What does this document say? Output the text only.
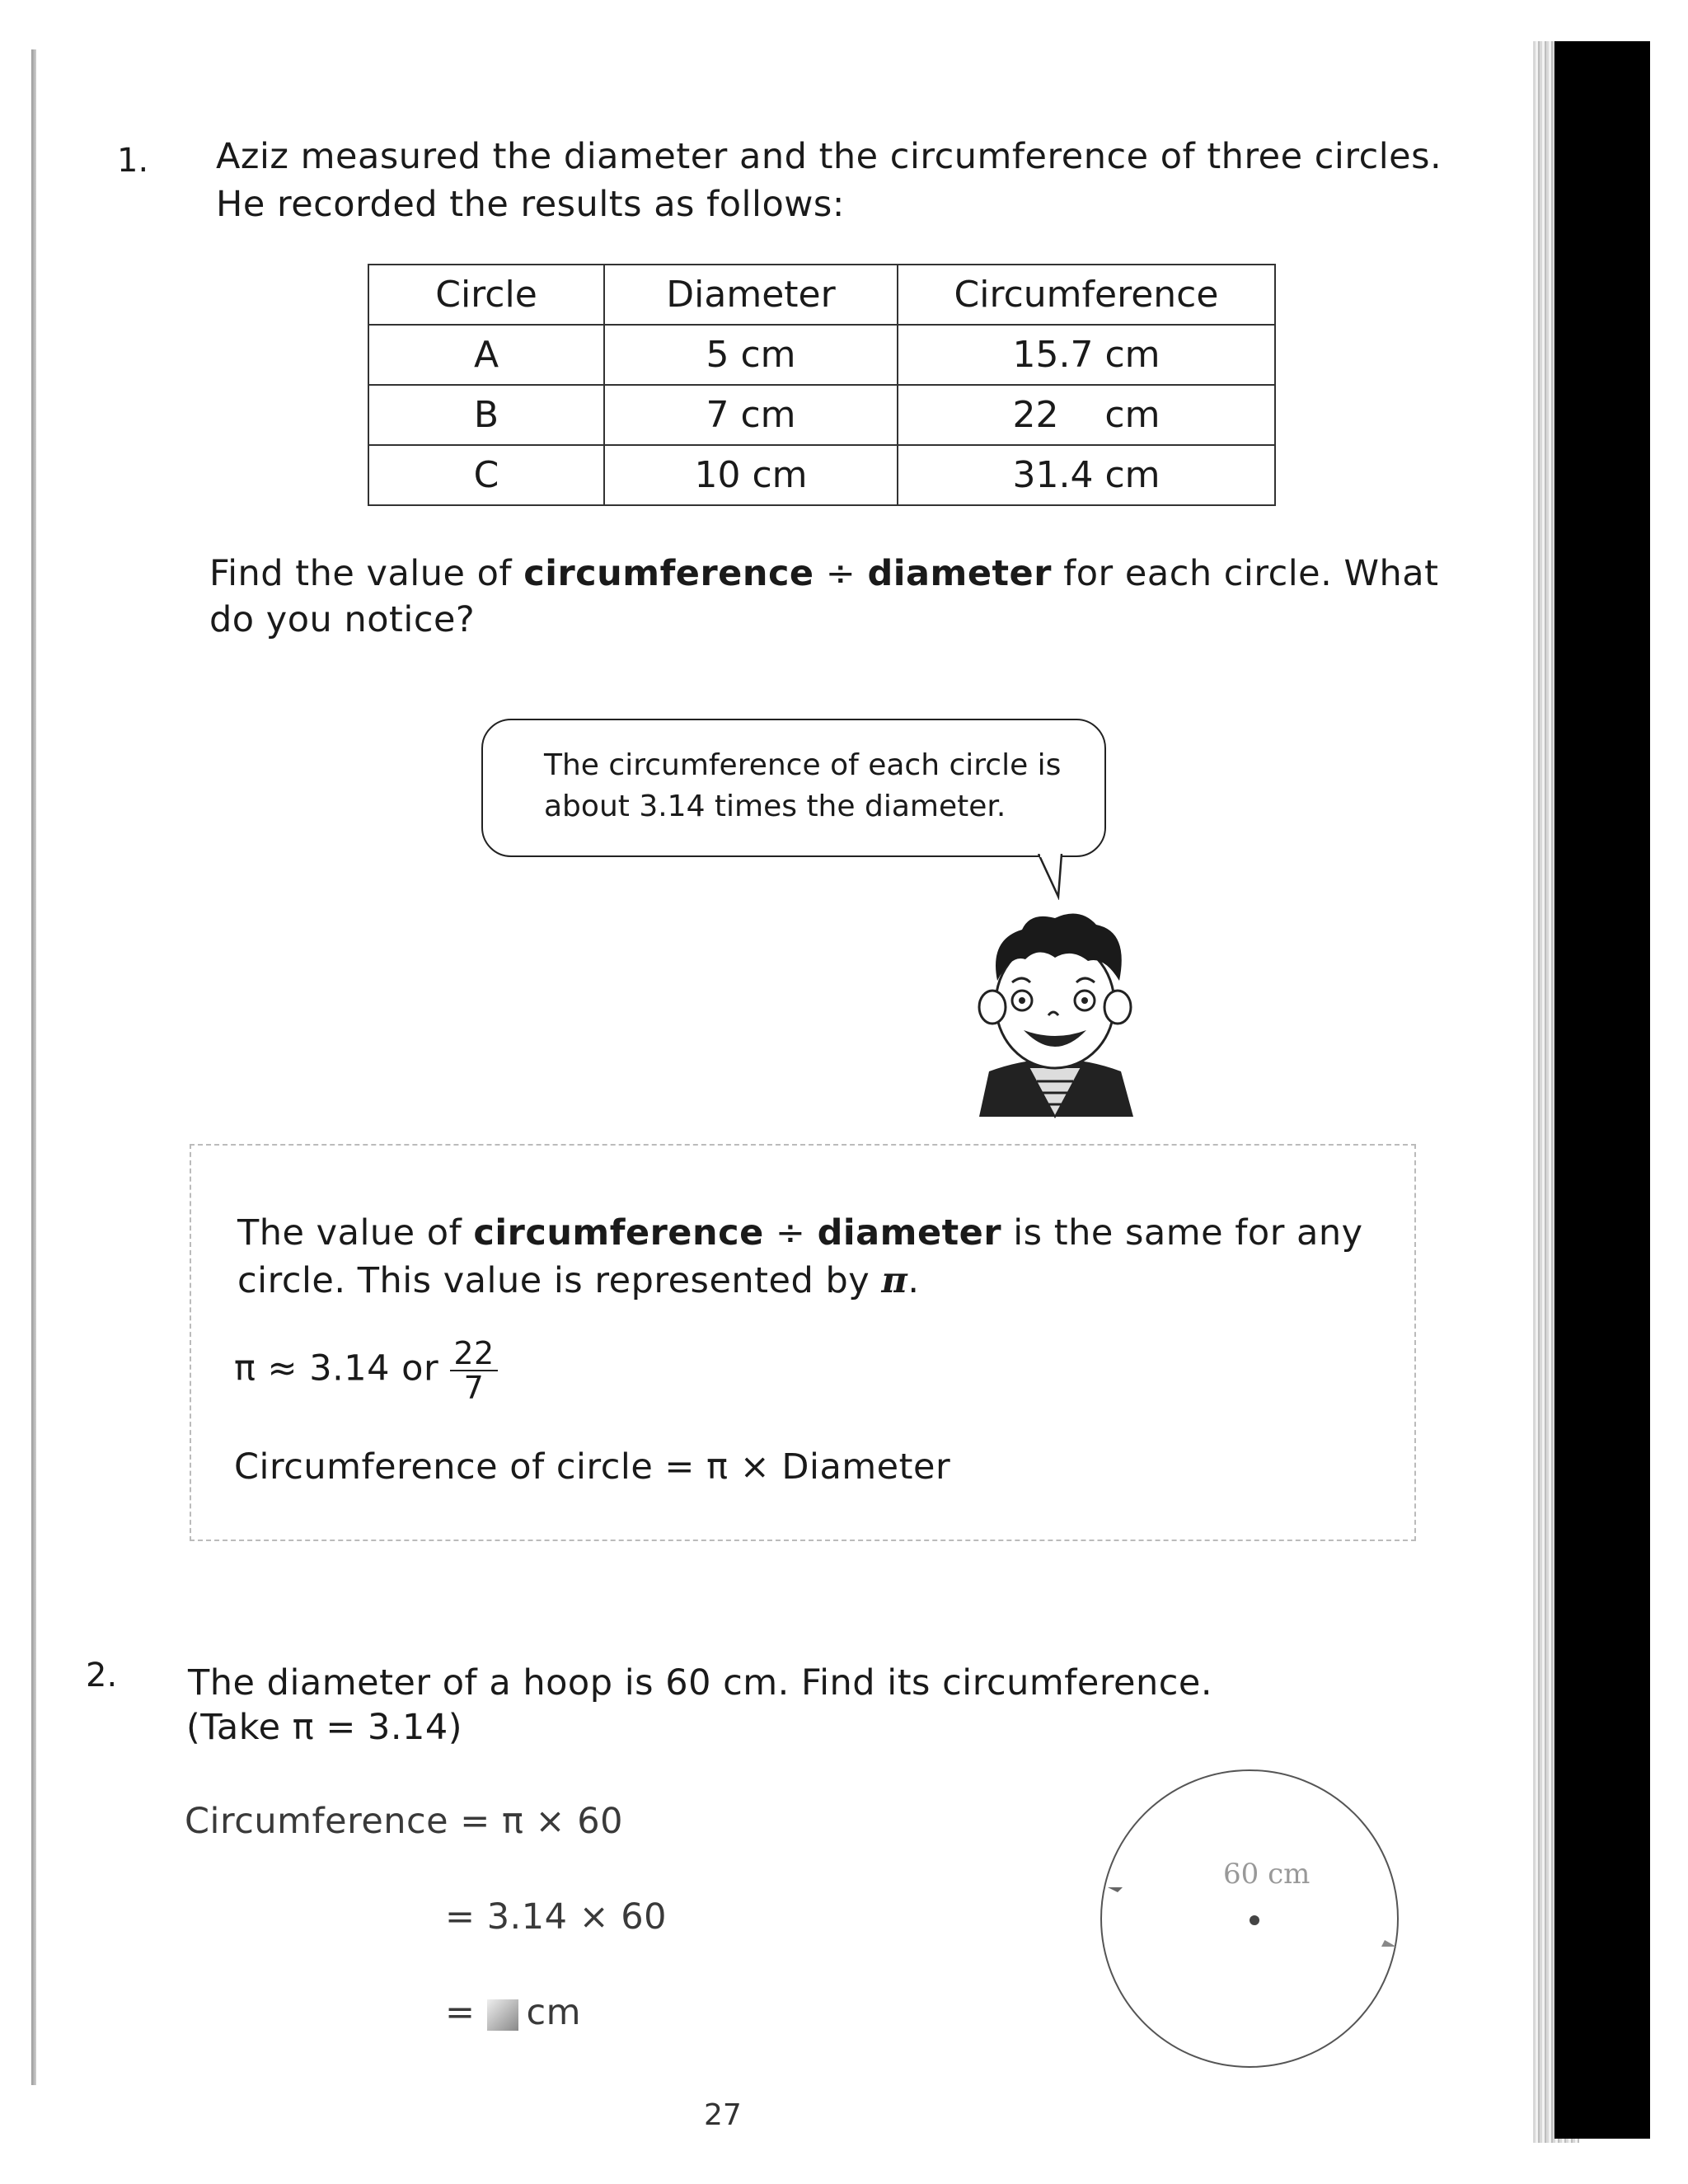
1. Aziz measured the diameter and the circumference of three circles.
He recorded the results as follows:
Circle	Diameter	Circumference
A	5 cm	15.7 cm
B	7 cm	22    cm
C	10 cm	31.4 cm
Find the value of circumference ÷ diameter for each circle. What
do you notice?
The circumference of each circle is
about 3.14 times the diameter.
The value of circumference ÷ diameter is the same for any
circle. This value is represented by π.
π ≈ 3.14 or $\frac{22}{7}$
Circumference of circle = π × Diameter
2. The diameter of a hoop is 60 cm. Find its circumference.
(Take π = 3.14)
Circumference = π × 60
= 3.14 × 60
= cm
60 cm
27
